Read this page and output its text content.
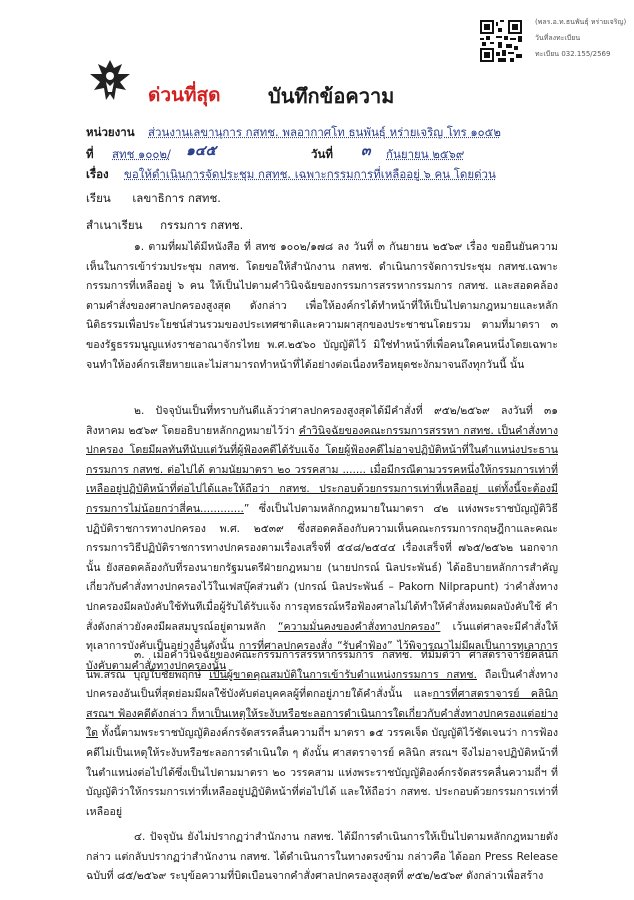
ด่วนที่สุด บันทึกข้อความ
(พลร.อ.ท.ธนพันธุ์ หร่ายเจริญ)
วันที่ลงทะเบียน
ทะเบียน 032.155/2569
หน่วยงาน ส่วนงานเลขานุการ กสทช. พลอากาศโท ธนพันธุ์ หร่ายเจริญ โทร ๑๐๕๒
ที่ สทช ๑๐๐๒/ ๑๔๕	วันที่ ๓ กันยายน ๒๕๖๙
เรื่อง ขอให้ดำเนินการจัดประชุม กสทช. เฉพาะกรรมการที่เหลืออยู่ ๖ คน โดยด่วน
เรียน เลขาธิการ กสทช.
สำเนาเรียน กรรมการ กสทช.
๑. ตามที่ผมได้มีหนังสือ ที่ สทช ๑๐๐๒/๑๗๘ ลง วันที่ ๓ กันยายน ๒๕๖๙ เรื่อง ขอยืนยันความเห็นในการเข้าร่วมประชุม กสทช. โดยขอให้สำนักงาน กสทช. ดำเนินการจัดการประชุม กสทช.เฉพาะกรรมการที่เหลืออยู่ ๖ คน ให้เป็นไปตามคำวินิจฉัยของกรรมการสรรหากรรมการ กสทช. และสอดคล้องตามคำสั่งของศาลปกครองสูงสุด ดังกล่าว เพื่อให้องค์กรได้ทำหน้าที่ให้เป็นไปตามกฎหมายและหลักนิติธรรมเพื่อประโยชน์ส่วนรวมของประเทศชาติและความผาสุกของประชาชนโดยรวม ตามที่มาตรา ๓ ของรัฐธรรมนูญแห่งราชอาณาจักรไทย พ.ศ.๒๕๖๐ บัญญัติไว้ มิใช่ทำหน้าที่เพื่อคนใดคนหนึ่งโดยเฉพาะจนทำให้องค์กรเสียหายและไม่สามารถทำหน้าที่ได้อย่างต่อเนื่องหรือหยุดชะงักมาจนถึงทุกวันนี้ นั้น
๒. ปัจจุบันเป็นที่ทราบกันดีแล้วว่าศาลปกครองสูงสุดได้มีคำสั่งที่ ๙๕๒/๒๕๖๙ ลงวันที่ ๓๑ สิงหาคม ๒๕๖๙ โดยอธิบายหลักกฎหมายไว้ว่า คำวินิจฉัยของคณะกรรมการสรรหา กสทช. เป็นคำสั่งทางปกครอง โดยมีผลทันทีนับแต่วันที่ผู้ฟ้องคดีได้รับแจ้ง โดยผู้ฟ้องคดีไม่อาจปฏิบัติหน้าที่ในตำแหน่งประธานกรรมการ กสทช. ต่อไปได้ ตามนัยมาตรา ๒๐ วรรคสาม ....... เมื่อมีกรณีตามวรรคหนึ่งให้กรรมการเท่าที่เหลืออยู่ปฏิบัติหน้าที่ต่อไปได้และให้ถือว่า กสทช. ประกอบด้วยกรรมการเท่าที่เหลืออยู่ แต่ทั้งนี้จะต้องมีกรรมการไม่น้อยกว่าสี่คน.............” ซึ่งเป็นไปตามหลักกฎหมายในมาตรา ๔๒ แห่งพระราชบัญญัติวิธีปฏิบัติราชการทางปกครอง พ.ศ. ๒๕๓๙ ซึ่งสอดคล้องกับความเห็นคณะกรรมการกฤษฎีกาและคณะกรรมการวิธีปฏิบัติราชการทางปกครองตามเรื่องเสร็จที่ ๕๔๘/๒๕๔๔ เรื่องเสร็จที่ ๗๖๕/๒๕๖๒ นอกจากนั้น ยังสอดคล้องกับที่รองนายกรัฐมนตรีฝ่ายกฎหมาย (นายปกรณ์ นิลประพันธ์) ได้อธิบายหลักการสำคัญเกี่ยวกับคำสั่งทางปกครองไว้ในเฟสบุ๊คส่วนตัว (ปกรณ์ นิลประพันธ์ – Pakorn Nilprapunt) ว่าคำสั่งทางปกครองมีผลบังคับใช้ทันทีเมื่อผู้รับได้รับแจ้ง การอุทธรณ์หรือฟ้องศาลไม่ได้ทำให้คำสั่งหมดผลบังคับใช้ คำสั่งดังกล่าวยังคงมีผลสมบูรณ์อยู่ตามหลัก “ความมั่นคงของคำสั่งทางปกครอง” เว้นแต่ศาลจะมีคำสั่งให้ทุเลาการบังคับเป็นอย่างอื่นดังนั้น การที่ศาลปกครองสั่ง “รับคำฟ้อง” ไว้พิจารณาไม่มีผลเป็นการทุเลาการบังคับตามคำสั่งทางปกครองนั้น
๓. เมื่อคำวินิจฉัยของคณะกรรมการสรรหากรรมการ กสทช. ที่มีมติว่า ศาสตราจารย์คลินิก นพ.สรณ บุญใบชัยพฤกษ์ เป็นผู้ขาดคุณสมบัติในการเข้ารับตำแหน่งกรรมการ กสทช. ถือเป็นคำสั่งทางปกครองอันเป็นที่สุดย่อมมีผลใช้บังคับต่อบุคคลผู้ที่ตกอยู่ภายใต้คำสั่งนั้น และการที่ศาสตราจารย์ คลินิก สรณฯ ฟ้องคดีดังกล่าว ก็หาเป็นเหตุให้ระงับหรือชะลอการดำเนินการใดเกี่ยวกับคำสั่งทางปกครองแต่อย่างใด ทั้งนี้ตามพระราชบัญญัติองค์กรจัดสรรคลื่นความถี่ฯ มาตรา ๑๕ วรรคเจ็ด บัญญัติไว้ชัดเจนว่า การฟ้องคดีไม่เป็นเหตุให้ระงับหรือชะลอการดำเนินใด ๆ ดังนั้น ศาสตราจารย์ คลินิก สรณฯ จึงไม่อาจปฏิบัติหน้าที่ในตำแหน่งต่อไปได้ซึ่งเป็นไปตามมาตรา ๒๐ วรรคสาม แห่งพระราชบัญญัติองค์กรจัดสรรคลื่นความถี่ฯ ที่บัญญัติว่าให้กรรมการเท่าที่เหลืออยู่ปฏิบัติหน้าที่ต่อไปได้ และให้ถือว่า กสทช. ประกอบด้วยกรรมการเท่าที่เหลืออยู่
๔. ปัจจุบัน ยังไม่ปรากฏว่าสำนักงาน กสทช. ได้มีการดำเนินการให้เป็นไปตามหลักกฎหมายดังกล่าว แต่กลับปรากฏว่าสำนักงาน กสทช. ได้ดำเนินการในทางตรงข้าม กล่าวคือ ได้ออก Press Release ฉบับที่ ๘๕/๒๕๖๙ ระบุข้อความที่บิดเบือนจากคำสั่งศาลปกครองสูงสุดที่ ๙๕๒/๒๕๖๙ ดังกล่าวเพื่อสร้าง
